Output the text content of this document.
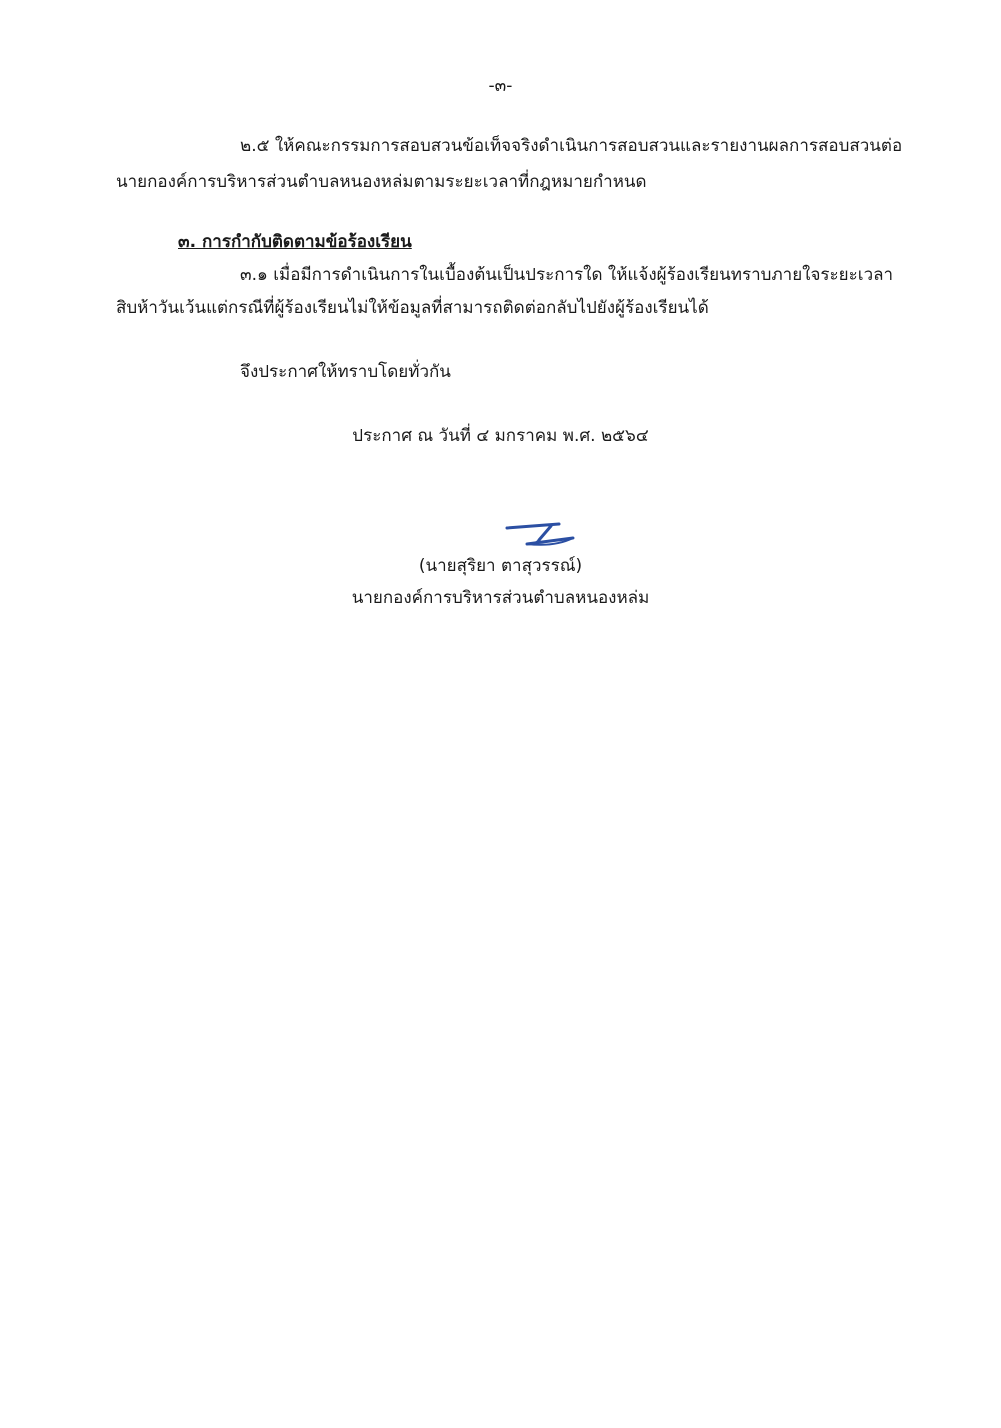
-๓-
๒.๕ ให้คณะกรรมการสอบสวนข้อเท็จจริงดำเนินการสอบสวนและรายงานผลการสอบสวนต่อ
นายกองค์การบริหารส่วนตำบลหนองหล่มตามระยะเวลาที่กฎหมายกำหนด
๓. การกำกับติดตามข้อร้องเรียน
๓.๑ เมื่อมีการดำเนินการในเบื้องต้นเป็นประการใด ให้แจ้งผู้ร้องเรียนทราบภายใจระยะเวลา
สิบห้าวันเว้นแต่กรณีที่ผู้ร้องเรียนไม่ให้ข้อมูลที่สามารถติดต่อกลับไปยังผู้ร้องเรียนได้
จึงประกาศให้ทราบโดยทั่วกัน
ประกาศ ณ วันที่ ๔ มกราคม พ.ศ. ๒๕๖๔
(นายสุริยา ตาสุวรรณ์)
นายกองค์การบริหารส่วนตำบลหนองหล่ม
